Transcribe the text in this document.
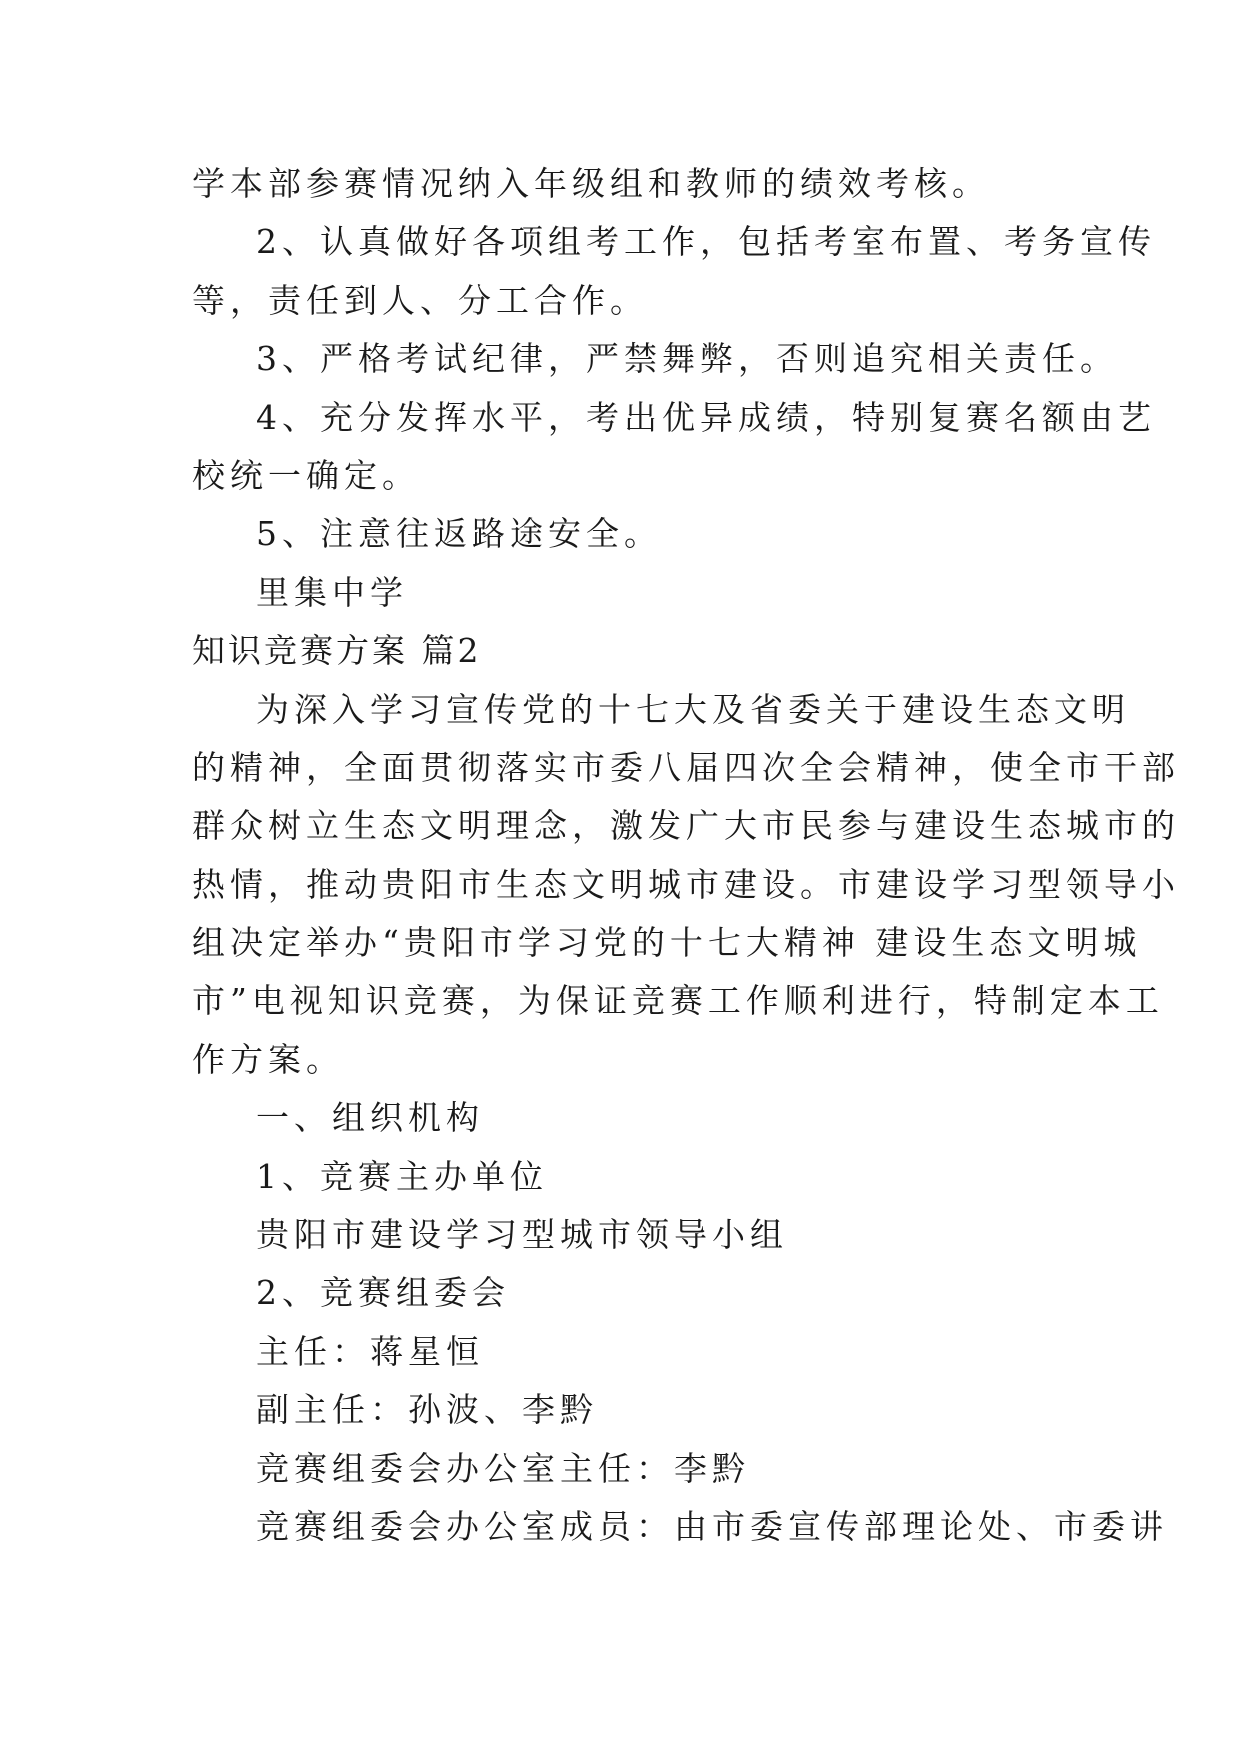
学本部参赛情况纳入年级组和教师的绩效考核。
2、认真做好各项组考工作，包括考室布置、考务宣传
等，责任到人、分工合作。
3、严格考试纪律，严禁舞弊，否则追究相关责任。
4、充分发挥水平，考出优异成绩，特别复赛名额由艺
校统一确定。
5、注意往返路途安全。
里集中学
知识竞赛方案 篇2
为深入学习宣传党的十七大及省委关于建设生态文明
的精神，全面贯彻落实市委八届四次全会精神，使全市干部
群众树立生态文明理念，激发广大市民参与建设生态城市的
热情，推动贵阳市生态文明城市建设。市建设学习型领导小
组决定举办“贵阳市学习党的十七大精神 建设生态文明城
市”电视知识竞赛，为保证竞赛工作顺利进行，特制定本工
作方案。
一、组织机构
1、竞赛主办单位
贵阳市建设学习型城市领导小组
2、竞赛组委会
主任：蒋星恒
副主任：孙波、李黔
竞赛组委会办公室主任：李黔
竞赛组委会办公室成员：由市委宣传部理论处、市委讲
